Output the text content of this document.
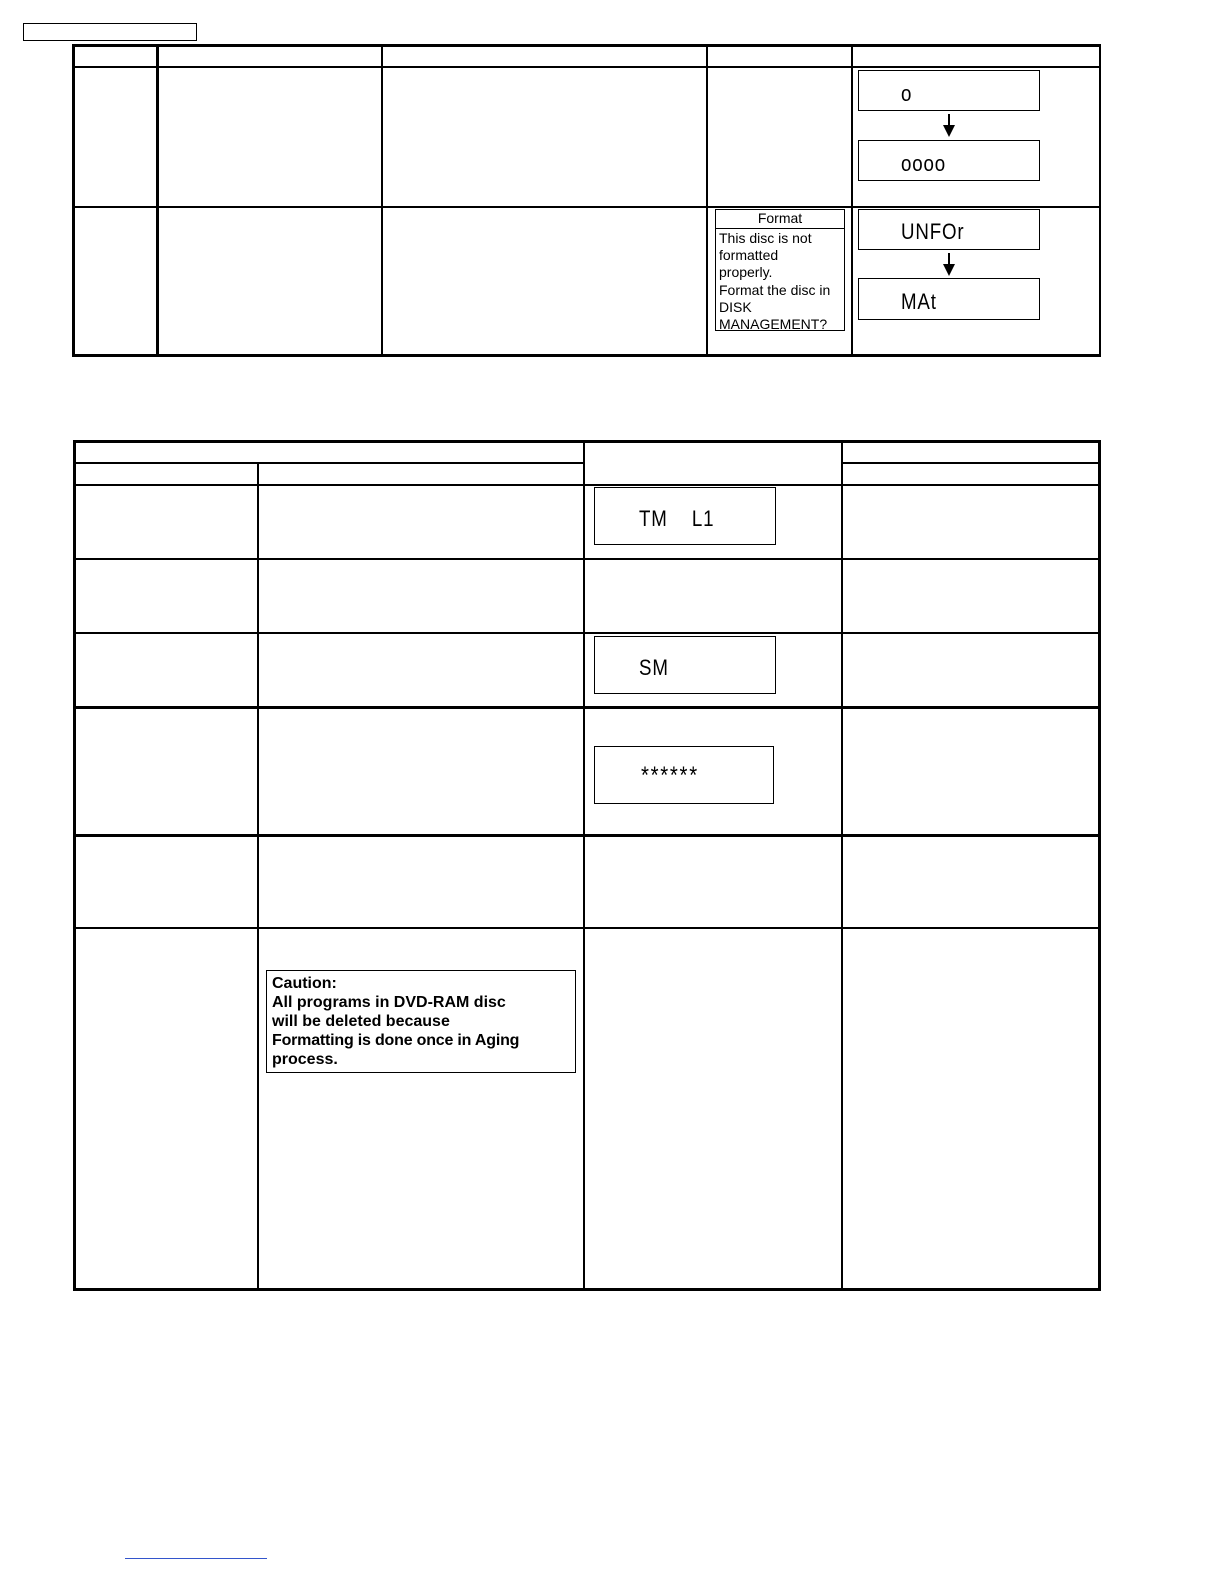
o
oooo
Format
This disc is not
formatted
properly.
Format the disc in
DISK
MANAGEMENT?
UNFOr
MAt
TM    L1
SM
******
Caution:
All programs in DVD-RAM disc
will be deleted because
Formatting is done once in Aging
process.
